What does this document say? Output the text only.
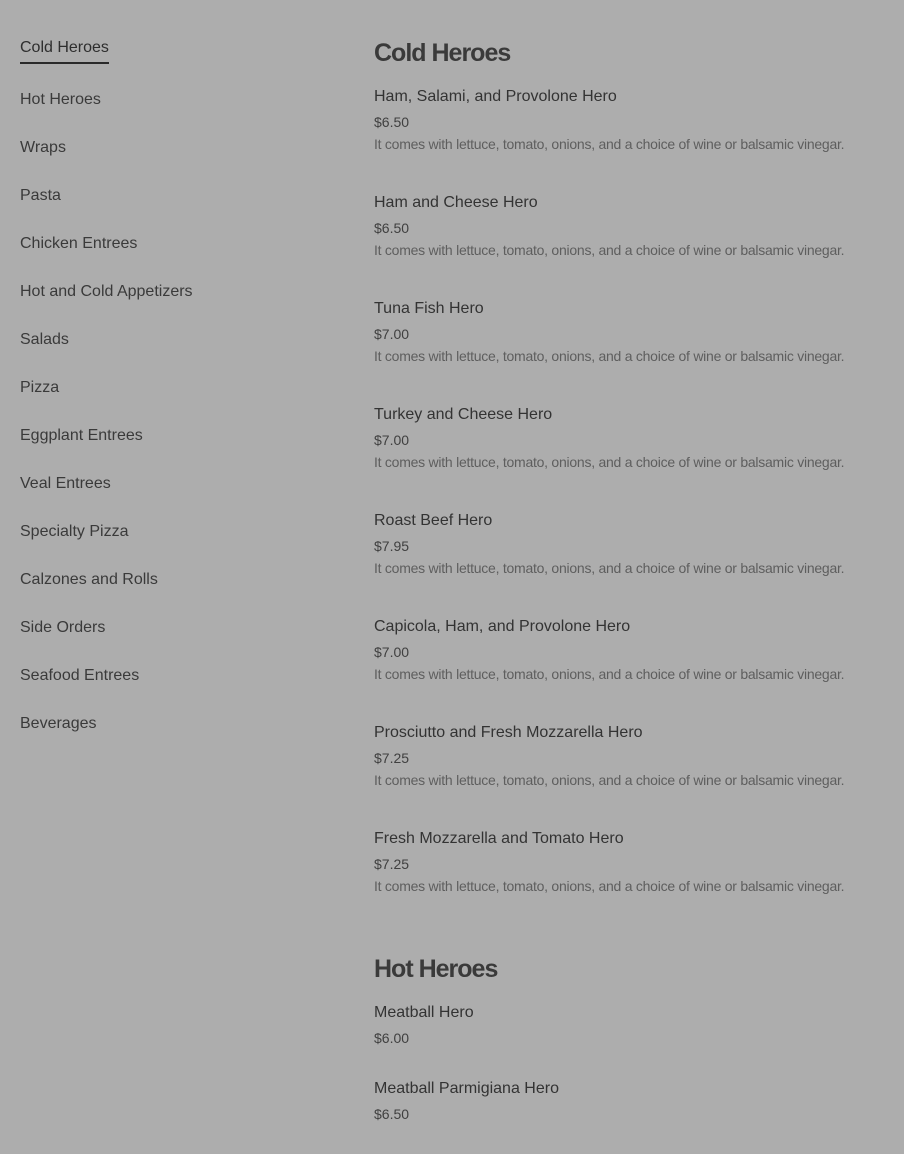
Cold Heroes
Hot Heroes
Wraps
Pasta
Chicken Entrees
Hot and Cold Appetizers
Salads
Pizza
Eggplant Entrees
Veal Entrees
Specialty Pizza
Calzones and Rolls
Side Orders
Seafood Entrees
Beverages
Cold Heroes
Ham, Salami, and Provolone Hero
$6.50
It comes with lettuce, tomato, onions, and a choice of wine or balsamic vinegar.
Ham and Cheese Hero
$6.50
It comes with lettuce, tomato, onions, and a choice of wine or balsamic vinegar.
Tuna Fish Hero
$7.00
It comes with lettuce, tomato, onions, and a choice of wine or balsamic vinegar.
Turkey and Cheese Hero
$7.00
It comes with lettuce, tomato, onions, and a choice of wine or balsamic vinegar.
Roast Beef Hero
$7.95
It comes with lettuce, tomato, onions, and a choice of wine or balsamic vinegar.
Capicola, Ham, and Provolone Hero
$7.00
It comes with lettuce, tomato, onions, and a choice of wine or balsamic vinegar.
Prosciutto and Fresh Mozzarella Hero
$7.25
It comes with lettuce, tomato, onions, and a choice of wine or balsamic vinegar.
Fresh Mozzarella and Tomato Hero
$7.25
It comes with lettuce, tomato, onions, and a choice of wine or balsamic vinegar.
Hot Heroes
Meatball Hero
$6.00
Meatball Parmigiana Hero
$6.50
